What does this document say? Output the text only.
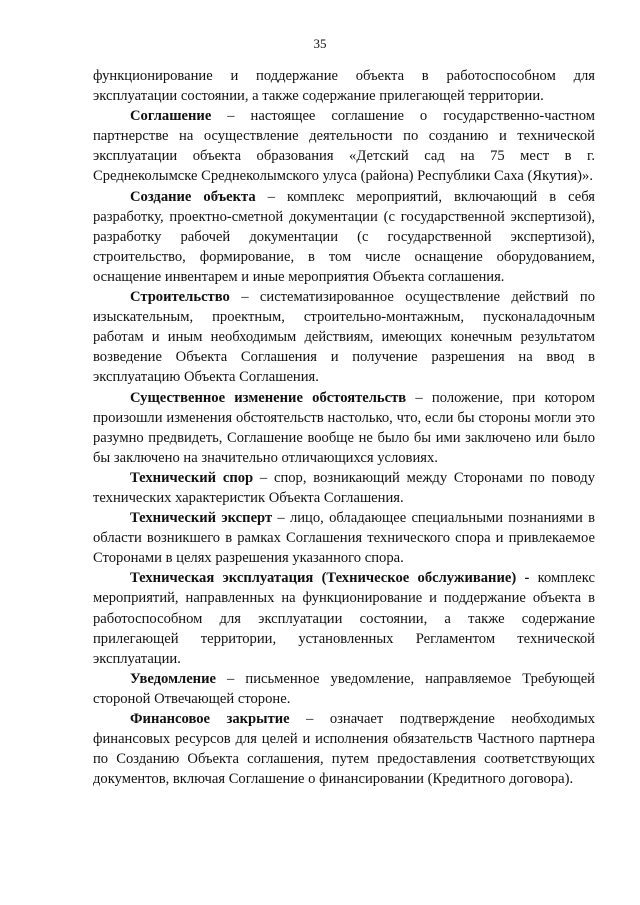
35

функционирование и поддержание объекта в работоспособном для эксплуатации состоянии, а также содержание прилегающей территории.

Соглашение – настоящее соглашение о государственно-частном партнерстве на осуществление деятельности по созданию и технической эксплуатации объекта образования «Детский сад на 75 мест в г. Среднеколымске Среднеколымского улуса (района) Республики Саха (Якутия)».

Создание объекта – комплекс мероприятий, включающий в себя разработку, проектно-сметной документации (с государственной экспертизой), разработку рабочей документации (с государственной экспертизой), строительство, формирование, в том числе оснащение оборудованием, оснащение инвентарем и иные мероприятия Объекта соглашения.

Строительство – систематизированное осуществление действий по изыскательным, проектным, строительно-монтажным, пусконаладочным работам и иным необходимым действиям, имеющих конечным результатом возведение Объекта Соглашения и получение разрешения на ввод в эксплуатацию Объекта Соглашения.

Существенное изменение обстоятельств – положение, при котором произошли изменения обстоятельств настолько, что, если бы стороны могли это разумно предвидеть, Соглашение вообще не было бы ими заключено или было бы заключено на значительно отличающихся условиях.

Технический спор – спор, возникающий между Сторонами по поводу технических характеристик Объекта Соглашения.

Технический эксперт – лицо, обладающее специальными познаниями в области возникшего в рамках Соглашения технического спора и привлекаемое Сторонами в целях разрешения указанного спора.

Техническая эксплуатация (Техническое обслуживание) - комплекс мероприятий, направленных на функционирование и поддержание объекта в работоспособном для эксплуатации состоянии, а также содержание прилегающей территории, установленных Регламентом технической эксплуатации.

Уведомление – письменное уведомление, направляемое Требующей стороной Отвечающей стороне.

Финансовое закрытие – означает подтверждение необходимых финансовых ресурсов для целей и исполнения обязательств Частного партнера по Созданию Объекта соглашения, путем предоставления соответствующих документов, включая Соглашение о финансировании (Кредитного договора).
